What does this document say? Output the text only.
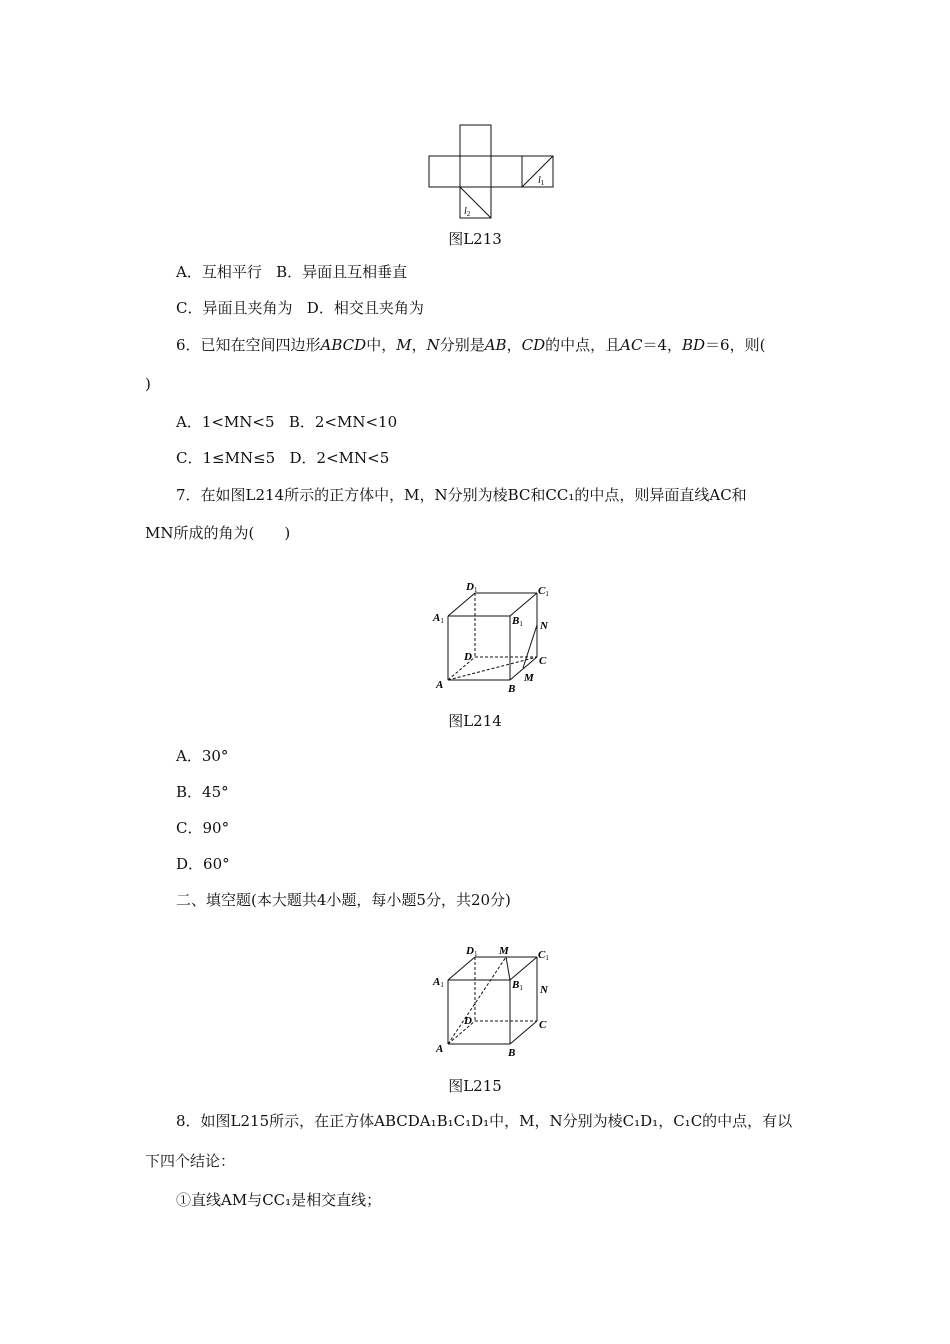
$l_1$
$l_2$
图L213
A．互相平行 B．异面且互相垂直
C．异面且夹角为 D．相交且夹角为
6．已知在空间四边形ABCD中，M，N分别是AB，CD的中点，且AC＝4，BD＝6，则(
)
A．1<MN<5 B．2<MN<10
C．1≤MN≤5 D．2<MN<5
7．在如图L214所示的正方体中，M，N分别为棱BC和CC₁的中点，则异面直线AC和
MN所成的角为(　　)
A	B
C
D
A1	B1
C1
D1
M
N
图L214
A．30°
B．45°
C．90°
D．60°
二、填空题(本大题共4小题，每小题5分，共20分)
A	B
C
D
A1	B1
C1
D1 M
N
图L215
8．如图L215所示，在正方体ABCDA₁B₁C₁D₁中，M，N分别为棱C₁D₁，C₁C的中点，有以
下四个结论：
①直线AM与CC₁是相交直线；
